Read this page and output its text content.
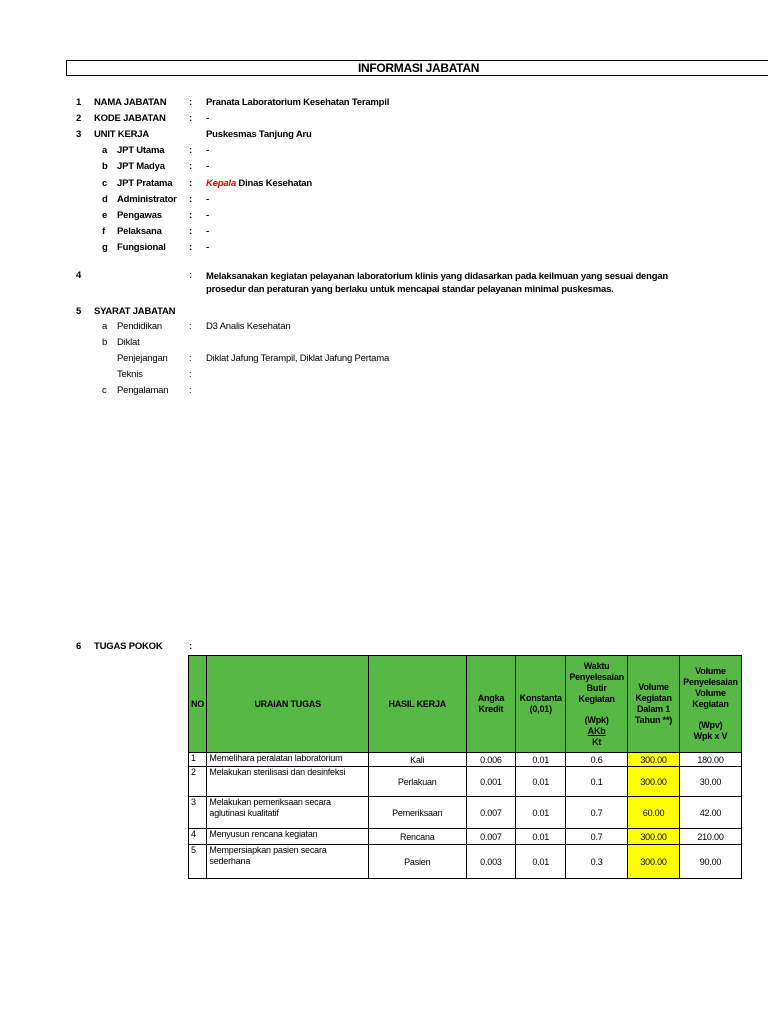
INFORMASI JABATAN
1 NAMA JABATAN : Pranata Laboratorium Kesehatan Terampil
2 KODE JABATAN : -
3 UNIT KERJA	Puskesmas Tanjung Aru
a JPT Utama	: -
b JPT Madya	: -
c JPT Pratama : Kepala Dinas Kesehatan
d Administrator : -
e Pengawas	: -
f Pelaksana	: -
g Fungsional : -
4	: Melaksanakan kegiatan pelayanan laboratorium klinis yang didasarkan pada keilmuan yang sesuai dengan prosedur dan peraturan yang berlaku untuk mencapai standar pelayanan minimal puskesmas.
5 SYARAT JABATAN
a Pendidikan	: D3 Analis Kesehatan
b Diklat
Penjejangan : Diklat Jafung Terampil, Diklat Jafung Pertama
Teknis	:
c Pengalaman :
6 TUGAS POKOK	:
NO	URAIAN TUGAS	HASIL KERJA	Angka Kredit	Konstanta (0,01)	Waktu Penyelesaian Butir Kegiatan
(Wpk)
AKb
Kt	Volume Kegiatan Dalam 1 Tahun **)	Volume Penyelesaian Volume Kegiatan
(Wpv)
Wpk x V

1	Memelihara peralatan laboratorium	Kali	0.006	0.01	0.6	300.00	180.00
2	Melakukan sterilisasi dan desinfeksi	Perlakuan	0.001	0.01	0.1	300.00	30.00
3	Melakukan pemeriksaan secara aglutinasi kualitatif	Pemeriksaan	0.007	0.01	0.7	60.00	42.00
4	Menyusun rencana kegiatan	Rencana	0.007	0.01	0.7	300.00	210.00
5	Mempersiapkan pasien secara sederhana	Pasien	0.003	0.01	0.3	300.00	90.00
